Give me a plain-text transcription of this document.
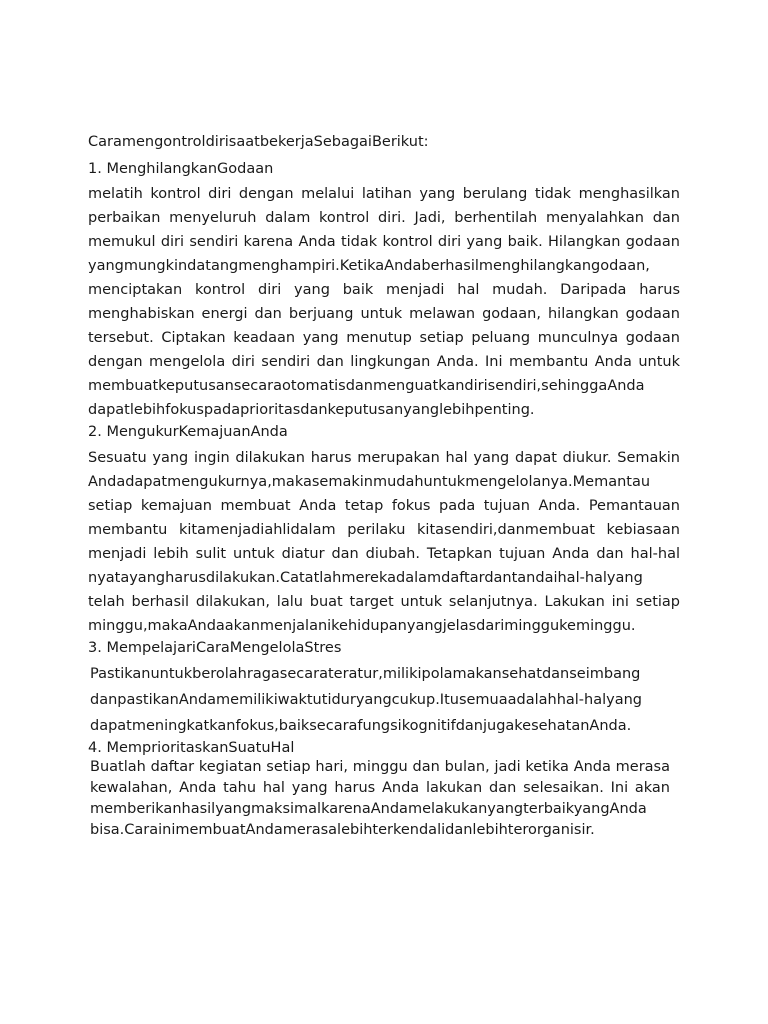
CaramengontroldirisaatbekerjaSebagaiBerikut:
1. MenghilangkanGodaan
melatih kontrol diri dengan melalui latihan yang berulang tidak menghasilkan
perbaikan menyeluruh dalam kontrol diri. Jadi, berhentilah menyalahkan dan
memukul diri sendiri karena Anda tidak kontrol diri yang baik. Hilangkan godaan
yangmungkindatangmenghampiri.KetikaAndaberhasilmenghilangkangodaan,
menciptakan kontrol diri yang baik menjadi hal mudah. Daripada harus
menghabiskan energi dan berjuang untuk melawan godaan, hilangkan godaan
tersebut. Ciptakan keadaan yang menutup setiap peluang munculnya godaan
dengan mengelola diri sendiri dan lingkungan Anda. Ini membantu Anda untuk
membuatkeputusansecaraotomatisdanmenguatkandirisendiri,sehinggaAnda
dapatlebihfokuspadaprioritasdankeputusanyanglebihpenting.
2. MengukurKemajuanAnda
Sesuatu yang ingin dilakukan harus merupakan hal yang dapat diukur. Semakin
Andadapatmengukurnya,makasemakinmudahuntukmengelolanya.Memantau
setiap kemajuan membuat Anda tetap fokus pada tujuan Anda. Pemantauan
membantu kitamenjadiahlidalam perilaku kitasendiri,danmembuat kebiasaan
menjadi lebih sulit untuk diatur dan diubah. Tetapkan tujuan Anda dan hal-hal
nyatayangharusdilakukan.Catatlahmerekadalamdaftardantandaihal-halyang
telah berhasil dilakukan, lalu buat target untuk selanjutnya. Lakukan ini setiap
minggu,makaAndaakanmenjalanikehidupanyangjelasdariminggukeminggu.
3. MempelajariCaraMengelolaStres
Pastikanuntukberolahragasecarateratur,milikipolamakansehatdanseimbang
danpastikanAndamemilikiwaktutiduryangcukup.Itusemuaadalahhal-halyang
dapatmeningkatkanfokus,baiksecarafungsikognitifdanjugakesehatanAnda.
4. MemprioritaskanSuatuHal
Buatlah daftar kegiatan setiap hari, minggu dan bulan, jadi ketika Anda merasa
kewalahan, Anda tahu hal yang harus Anda lakukan dan selesaikan. Ini akan
memberikanhasilyangmaksimalkarenaAndamelakukanyangterbaikyangAnda
bisa.CarainimembuatAndamerasalebihterkendalidanlebihterorganisir.
